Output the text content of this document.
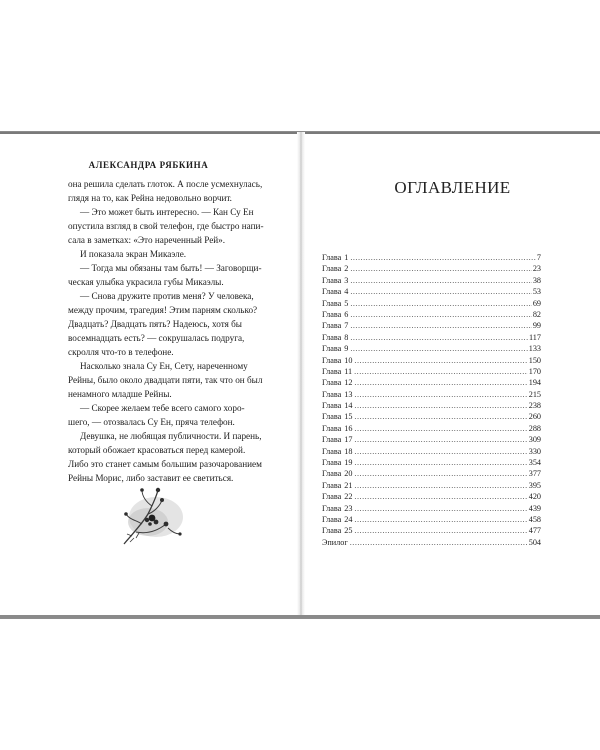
АЛЕКСАНДРА РЯБКИНА
она решила сделать глоток. А после усмехнулась,
глядя на то, как Рейна недовольно ворчит.
— Это может быть интересно. — Кан Су Ен
опустила взгляд в свой телефон, где быстро напи-
сала в заметках: «Это нареченный Рей».
И показала экран Микаэле.
— Тогда мы обязаны там быть! — Заговорщи-
ческая улыбка украсила губы Микаэлы.
— Снова дружите против меня? У человека,
между прочим, трагедия! Этим парням сколько?
Двадцать? Двадцать пять? Надеюсь, хотя бы
восемнадцать есть? — сокрушалась подруга,
скролля что-то в телефоне.
Насколько знала Су Ен, Сету, нареченному
Рейны, было около двадцати пяти, так что он был
ненамного младше Рейны.
— Скорее желаем тебе всего самого хоро-
шего, — отозвалась Су Ен, пряча телефон.
Девушка, не любящая публичности. И парень,
который обожает красоваться перед камерой.
Либо это станет самым большим разочарованием
Рейны Морис, либо заставит ее светиться.
ОГЛАВЛЕНИЕ
Глава 1 .....	7
Глава 2 .....	23
Глава 3 .....	38
Глава 4 .....	53
Глава 5 .....	69
Глава 6 .....	82
Глава 7 .....	99
Глава 8 .....	117
Глава 9 .....	133
Глава 10 .....	150
Глава 11 .....	170
Глава 12 .....	194
Глава 13 .....	215
Глава 14 .....	238
Глава 15 .....	260
Глава 16 .....	288
Глава 17 .....	309
Глава 18 .....	330
Глава 19 .....	354
Глава 20 .....	377
Глава 21 .....	395
Глава 22 .....	420
Глава 23 .....	439
Глава 24 .....	458
Глава 25 .....	477
Эпилог .....	504
